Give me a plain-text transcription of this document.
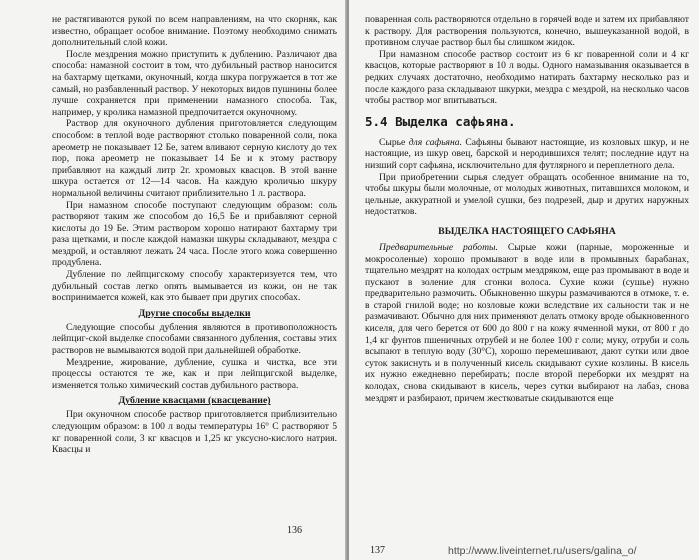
не растягиваются рукой по всем направлениям, на что скорняк, как известно, обращает особое внимание. Поэтому необходимо снимать дополнительный слой кожи.

После мездрения можно приступить к дублению. Различают два способа: намазной состоит в том, что дубильный раствор наносится на бахтарму щетками, окуночный, когда шкура погружается в тот же самый, но разбавленный раствор. У некоторых видов пушнины более лучше сохраняется при применении намазного способа. Так, например, у кролика намазной предпочитается окуночному.

Раствор для окуночного дубления приготовляется следующим способом: в теплой воде растворяют столько поваренной соли, пока ареометр не показывает 12 Бе, затем вливают серную кислоту до тех пор, пока ареометр не показывает 14 Бе и к этому раствору прибавляют на каждый литр 2г. хромовых квасцов. В этой ванне шкура остается от 12—14 часов. На каждую кроличью шкуру нормальной величины считают приблизительно 1 л. раствора.

При намазном способе поступают следующим образом: соль растворяют таким же способом до 16,5 Бе и прибавляют серной кислоты до 19 Бе. Этим раствором хорошо натирают бахтарму три раза щетками, и после каждой намазки шкуры складывают, мездра с мездрой, и оставляют лежать 24 часа. После этого кожа совершенно продублена.

Дубление по лейпцигскому способу характеризуется тем, что дубильный состав легко опять вымывается из кожи, он не так воспринимается кожей, как это бывает при других способах.

Другие способы выделки

Следующие способы дубления являются в противоположность лейпциг-ской выделке способами связанного дубления, составы этих растворов не вымываются водой при дальнейшей обработке.

Мездрение, жирование, дубление, сушка и чистка, все эти процессы остаются те же, как и при лейпцигской выделке, изменяется только химический состав дубильного раствора.

Дубление квасцами (квасцевание)

При окуночном способе раствор приготовляется приблизительно следующим образом: в 100 л воды температуры 16° С растворяют 5 кг поваренной соли, 3 кг квасцов и 1,25 кг уксусно-кислого натрия. Квасцы и

136

поваренная соль растворяются отдельно в горячей воде и затем их прибавляют к раствору. Для растворения пользуются, конечно, вышеуказанной водой, в противном случае раствор был бы слишком жидок.

При намазном способе раствор состоит из 6 кг поваренной соли и 4 кг квасцов, которые растворяют в 10 л воды. Одного намазывания оказывается в редких случаях достаточно, необходимо натирать бахтарму несколько раз и после каждого раза складывают шкурки, мездра с мездрой, на несколько часов чтобы раствор мог впитываться.

5.4 Выделка сафьяна.

Сырье для сафьяна. Сафьяны бывают настоящие, из козловых шкур, и не настоящие, из шкур овец, барской и неродившихся телят; последние идут на низший сорт сафьяна, исключительно для футлярного и переплетного дела.

При приобретении сырья следует обращать особенное внимание на то, чтобы шкуры были молочные, от молодых животных, питавшихся молоком, и цельные, аккуратной и умелой сушки, без подрезей, дыр и других наружных недостатков.

ВЫДЕЛКА НАСТОЯЩЕГО САФЬЯНА

Предварительные работы. Сырые кожи (парные, мороженные и мокросоленые) хорошо промывают в воде или в промывных барабанах, тщательно мездрят на колодах острым мездряком, еще раз промывают в воде и пускают в золение для сгонки волоса. Сухие кожи (сушье) нужно предварительно размочить. Обыкновенно шкуры размачиваются в отмоке, т. е. в старой гнилой воде; но козловые кожи вследствие их сальности так и не размачивают. Обычно для них применяют делать отмоку вроде обыкновенного киселя, для чего берется от 600 до 800 г на кожу ячменной муки, от 800 г до 1,4 кг фунтов пшеничных отрубей и не более 100 г соли; муку, отруби и соль всыпают в теплую воду (30°С), хорошо перемешивают, дают сутки или двое суток закиснуть и в полученный кисель скидывают сухие козлины. В кисель их нужно ежедневно перебирать; после второй переборки их мездрят на колодах, снова скидывают в кисель, через сутки выбирают на лабаз, снова мездрят и разбирают, причем жестковатые скидываются еще

137	http://www.liveinternet.ru/users/galina_o/
